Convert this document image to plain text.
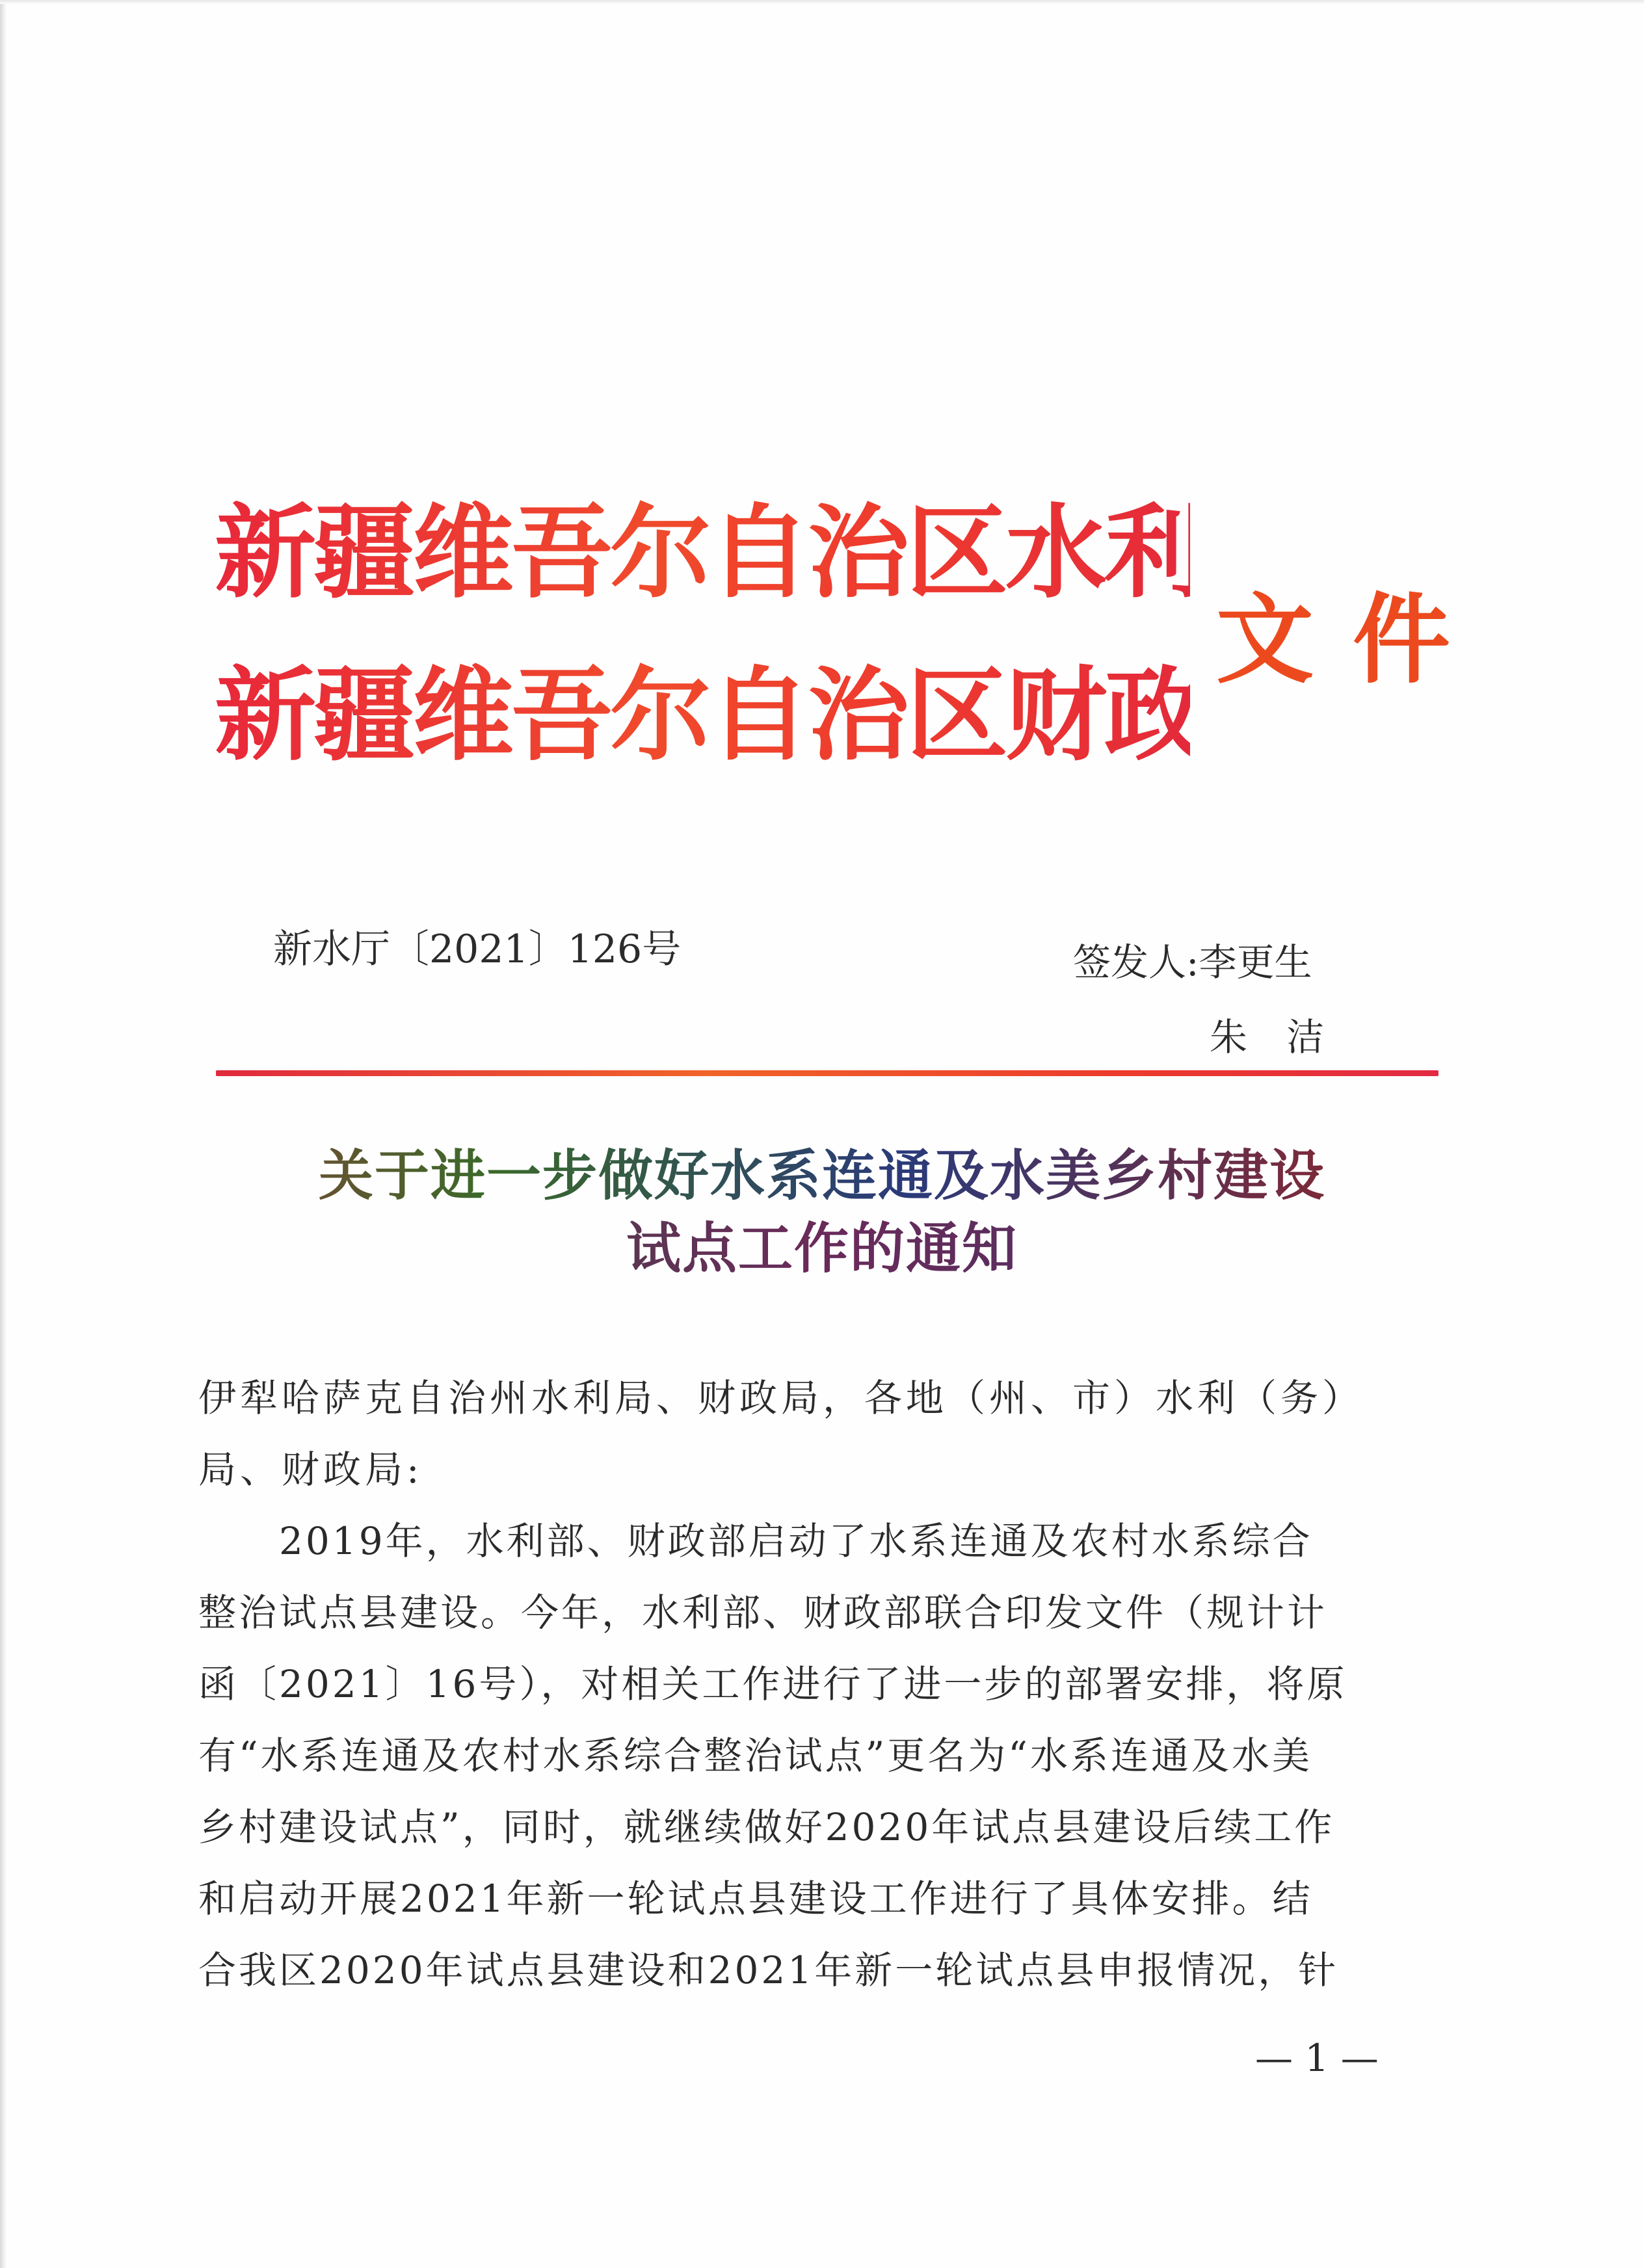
新疆维吾尔自治区水利厅
新疆维吾尔自治区财政厅
文件
新水厅〔2021〕126号	签发人:李更生
朱洁
关于进一步做好水系连通及水美乡村建设
试点工作的通知
伊犁哈萨克自治州水利局、财政局，各地（州、市）水利（务）
局、财政局:
　　2019年，水利部、财政部启动了水系连通及农村水系综合
整治试点县建设。今年，水利部、财政部联合印发文件（规计计
函〔2021〕16号），对相关工作进行了进一步的部署安排，将原
有“水系连通及农村水系综合整治试点”更名为“水系连通及水美
乡村建设试点”，同时，就继续做好2020年试点县建设后续工作
和启动开展2021年新一轮试点县建设工作进行了具体安排。结
合我区2020年试点县建设和2021年新一轮试点县申报情况，针
— 1 —
